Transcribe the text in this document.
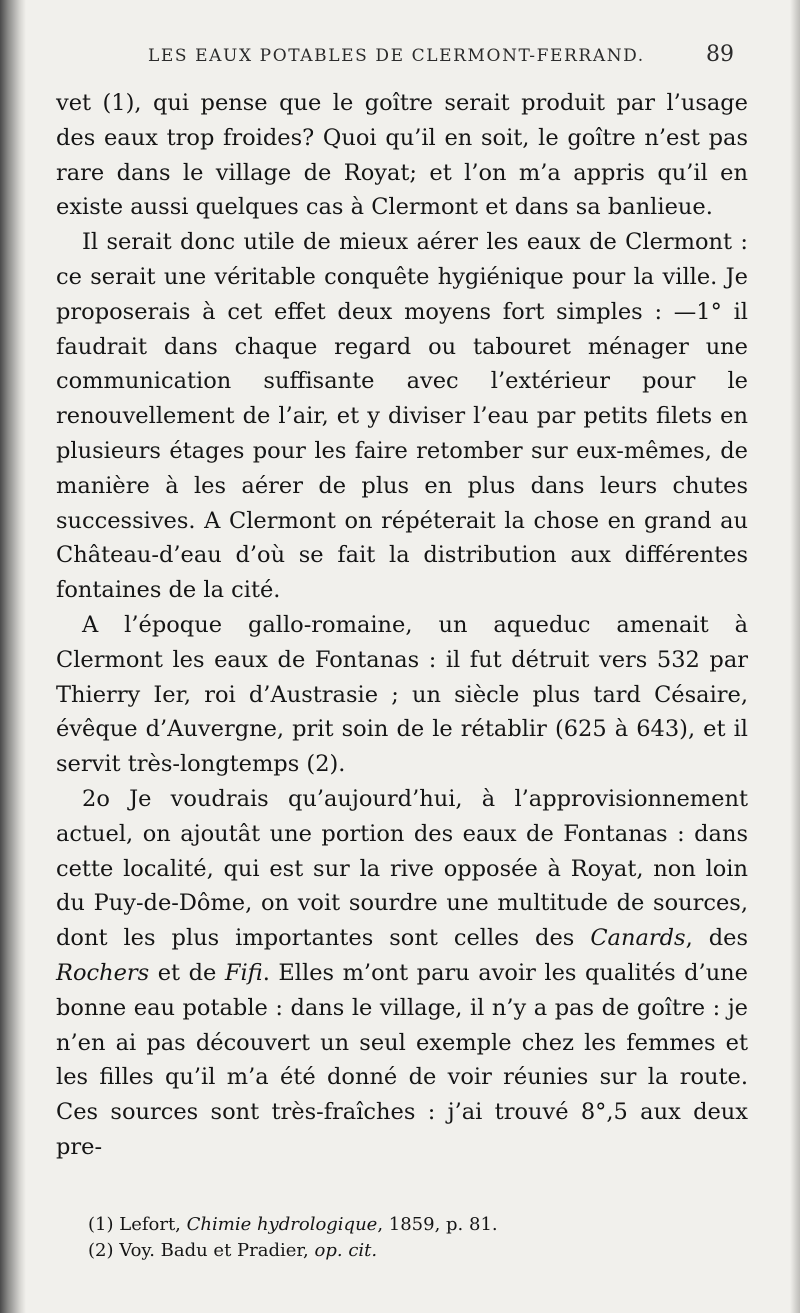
LES EAUX POTABLES DE CLERMONT-FERRAND.	89

vet (1), qui pense que le goître serait produit par l’usage des eaux trop froides? Quoi qu’il en soit, le goître n’est pas rare dans le village de Royat; et l’on m’a appris qu’il en existe aussi quelques cas à Clermont et dans sa banlieue.

Il serait donc utile de mieux aérer les eaux de Clermont : ce serait une véritable conquête hygiénique pour la ville. Je proposerais à cet effet deux moyens fort simples : —1° il faudrait dans chaque regard ou tabouret ménager une communication suffisante avec l’extérieur pour le renouvellement de l’air, et y diviser l’eau par petits filets en plusieurs étages pour les faire retomber sur eux-mêmes, de manière à les aérer de plus en plus dans leurs chutes successives. A Clermont on répéterait la chose en grand au Château-d’eau d’où se fait la distribution aux différentes fontaines de la cité.

A l’époque gallo-romaine, un aqueduc amenait à Clermont les eaux de Fontanas : il fut détruit vers 532 par Thierry Ier, roi d’Austrasie ; un siècle plus tard Césaire, évêque d’Auvergne, prit soin de le rétablir (625 à 643), et il servit très-longtemps (2).

2o Je voudrais qu’aujourd’hui, à l’approvisionnement actuel, on ajoutât une portion des eaux de Fontanas : dans cette localité, qui est sur la rive opposée à Royat, non loin du Puy-de-Dôme, on voit sourdre une multitude de sources, dont les plus importantes sont celles des Canards, des Rochers et de Fifi. Elles m’ont paru avoir les qualités d’une bonne eau potable : dans le village, il n’y a pas de goître : je n’en ai pas découvert un seul exemple chez les femmes et les filles qu’il m’a été donné de voir réunies sur la route. Ces sources sont très-fraîches : j’ai trouvé 8°,5 aux deux pre-

(1) Lefort, Chimie hydrologique, 1859, p. 81.
(2) Voy. Badu et Pradier, op. cit.
